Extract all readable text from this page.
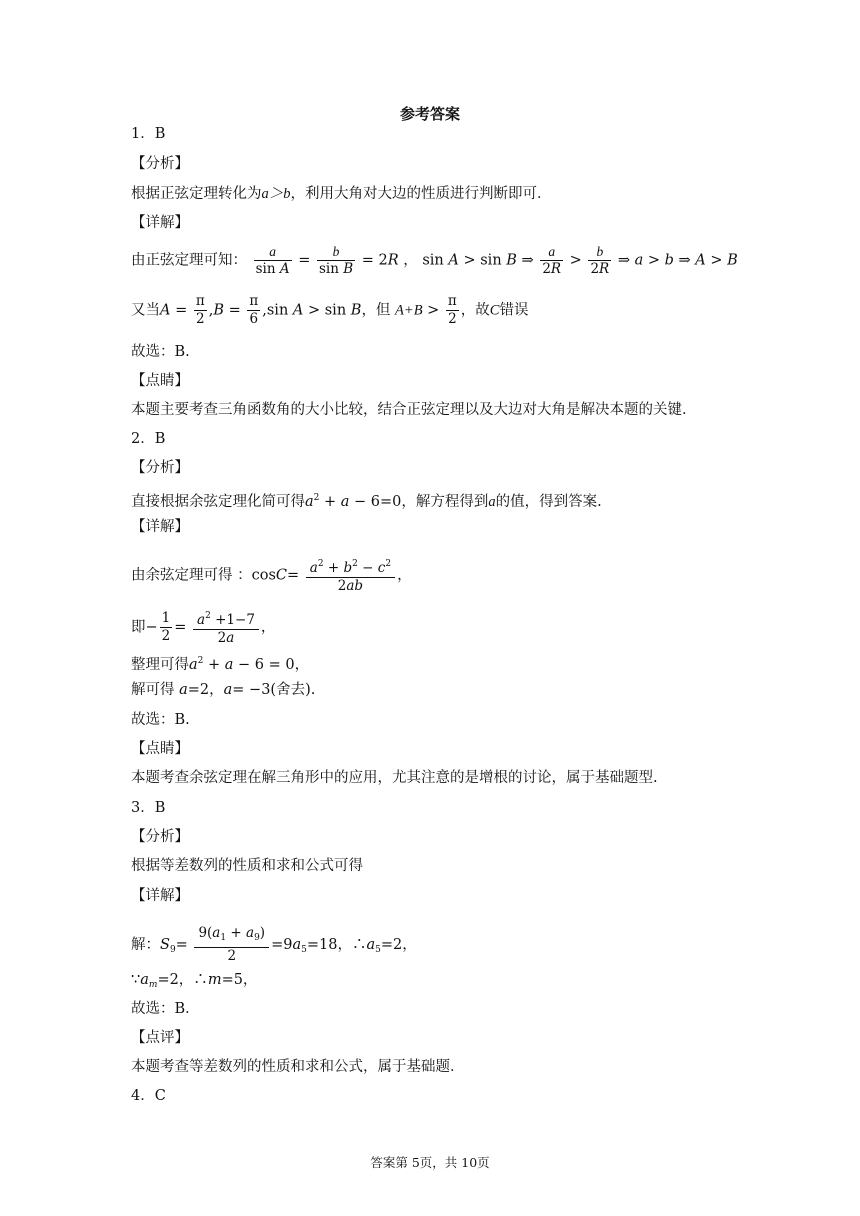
参考答案
1．B
【分析】
根据正弦定理转化为a＞b，利用大角对大边的性质进行判断即可．
【详解】
由正弦定理可知： $\frac{a}{\text{sin A}} = \frac{b}{\text{sin B}} = 2R$ ， sin A > sin B ⇒ $\frac{a}{2R} > \frac{b}{2R}$ ⇒ a > b ⇒ A > B
又当$A = \frac{\pi}{2} ,B = \frac{\pi}{6} ,\sin$ A > sin B，但 $A+B > \frac{\pi}{2}$ ，故C错误
故选：B.
【点睛】
本题主要考查三角函数角的大小比较，结合正弦定理以及大边对大角是解决本题的关键．
2．B
【分析】
直接根据余弦定理化简可得$a^2 + a - 6=0$，解方程得到a的值，得到答案.
【详解】
由余弦定理可得 ：$\cos C= \frac{a^2 + b^2 - c^2}{2ab}$ ，
即− $\frac{1}{2} = \frac{a^2 +1-7}{2a}$ ，
整理可得$a^2 + a - 6 = 0$，
解可得 a=2，a= −3(舍去).
故选：B.
【点睛】
本题考查余弦定理在解三角形中的应用，尤其注意的是增根的讨论，属于基础题型.
3．B
【分析】
根据等差数列的性质和求和公式可得
【详解】
解：$S_9= \frac{9(a_1 + a_9)}{2} =9a_5=18$，$\therefore a_5=2$，
$\because a_m=2$，∴m=5，
故选：B．
【点评】
本题考查等差数列的性质和求和公式，属于基础题．
4．C
答案第 5页，共 10页
